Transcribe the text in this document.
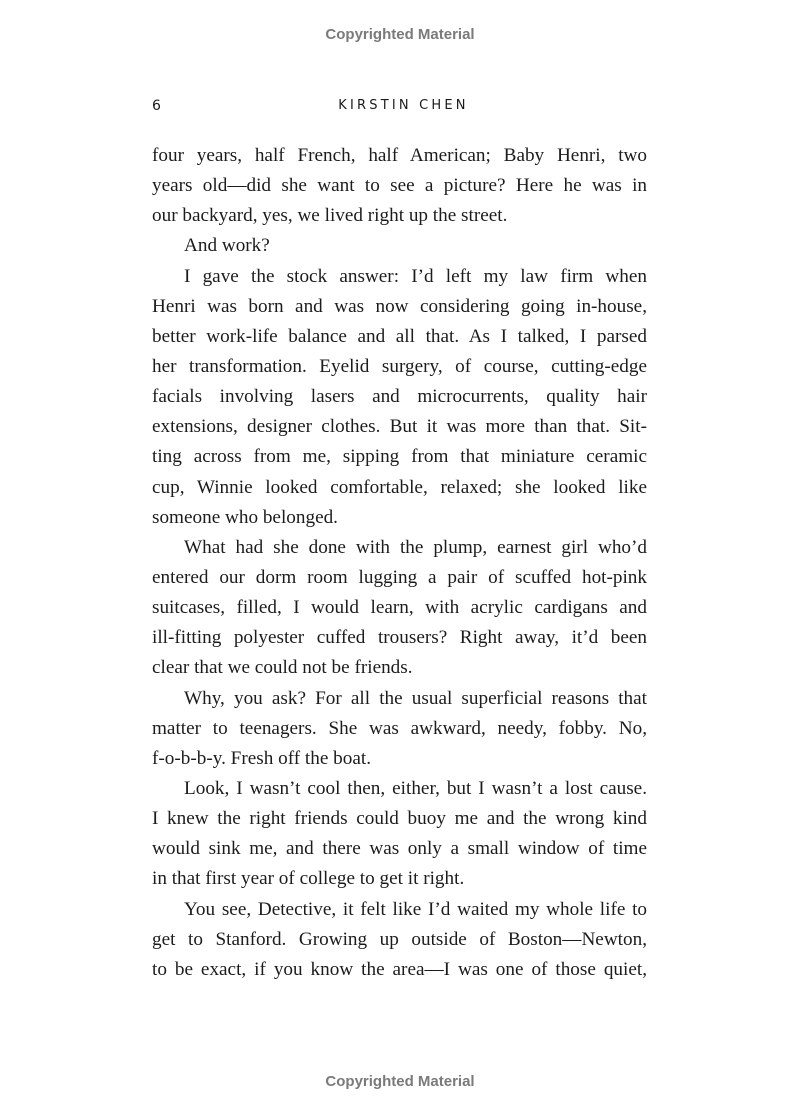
Copyrighted Material
6	KIRSTIN CHEN
four years, half French, half American; Baby Henri, two
years old—did she want to see a picture? Here he was in
our backyard, yes, we lived right up the street.
And work?
I gave the stock answer: I’d left my law firm when
Henri was born and was now considering going in-house,
better work-life balance and all that. As I talked, I parsed
her transformation. Eyelid surgery, of course, cutting-edge
facials involving lasers and microcurrents, quality hair
extensions, designer clothes. But it was more than that. Sit-
ting across from me, sipping from that miniature ceramic
cup, Winnie looked comfortable, relaxed; she looked like
someone who belonged.
What had she done with the plump, earnest girl who’d
entered our dorm room lugging a pair of scuffed hot-pink
suitcases, filled, I would learn, with acrylic cardigans and
ill-fitting polyester cuffed trousers? Right away, it’d been
clear that we could not be friends.
Why, you ask? For all the usual superficial reasons that
matter to teenagers. She was awkward, needy, fobby. No,
f-o-b-b-y. Fresh off the boat.
Look, I wasn’t cool then, either, but I wasn’t a lost cause.
I knew the right friends could buoy me and the wrong kind
would sink me, and there was only a small window of time
in that first year of college to get it right.
You see, Detective, it felt like I’d waited my whole life to
get to Stanford. Growing up outside of Boston—Newton,
to be exact, if you know the area—I was one of those quiet,
Copyrighted Material
